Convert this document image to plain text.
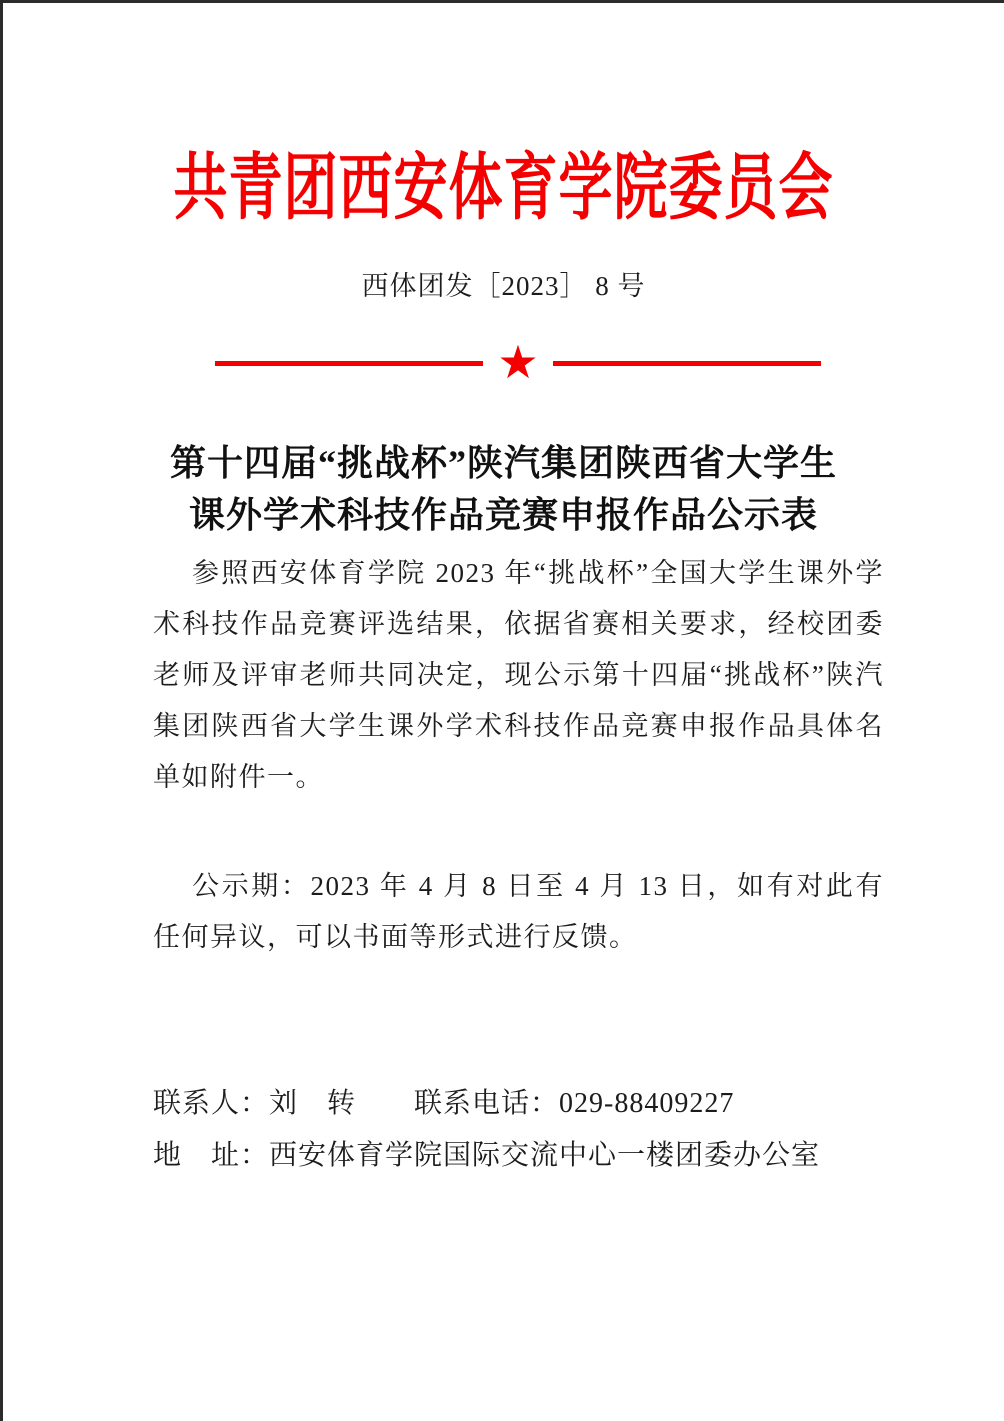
共青团西安体育学院委员会
西体团发［2023］ 8 号
★
第十四届“挑战杯”陕汽集团陕西省大学生
课外学术科技作品竞赛申报作品公示表

参照西安体育学院 2023 年“挑战杯”全国大学生课外学术科技作品竞赛评选结果，依据省赛相关要求，经校团委老师及评审老师共同决定，现公示第十四届“挑战杯”陕汽集团陕西省大学生课外学术科技作品竞赛申报作品具体名单如附件一。

公示期：2023 年 4 月 8 日至 4 月 13 日，如有对此有任何异议，可以书面等形式进行反馈。

联系人：刘　转　　联系电话：029-88409227
地　址：西安体育学院国际交流中心一楼团委办公室
